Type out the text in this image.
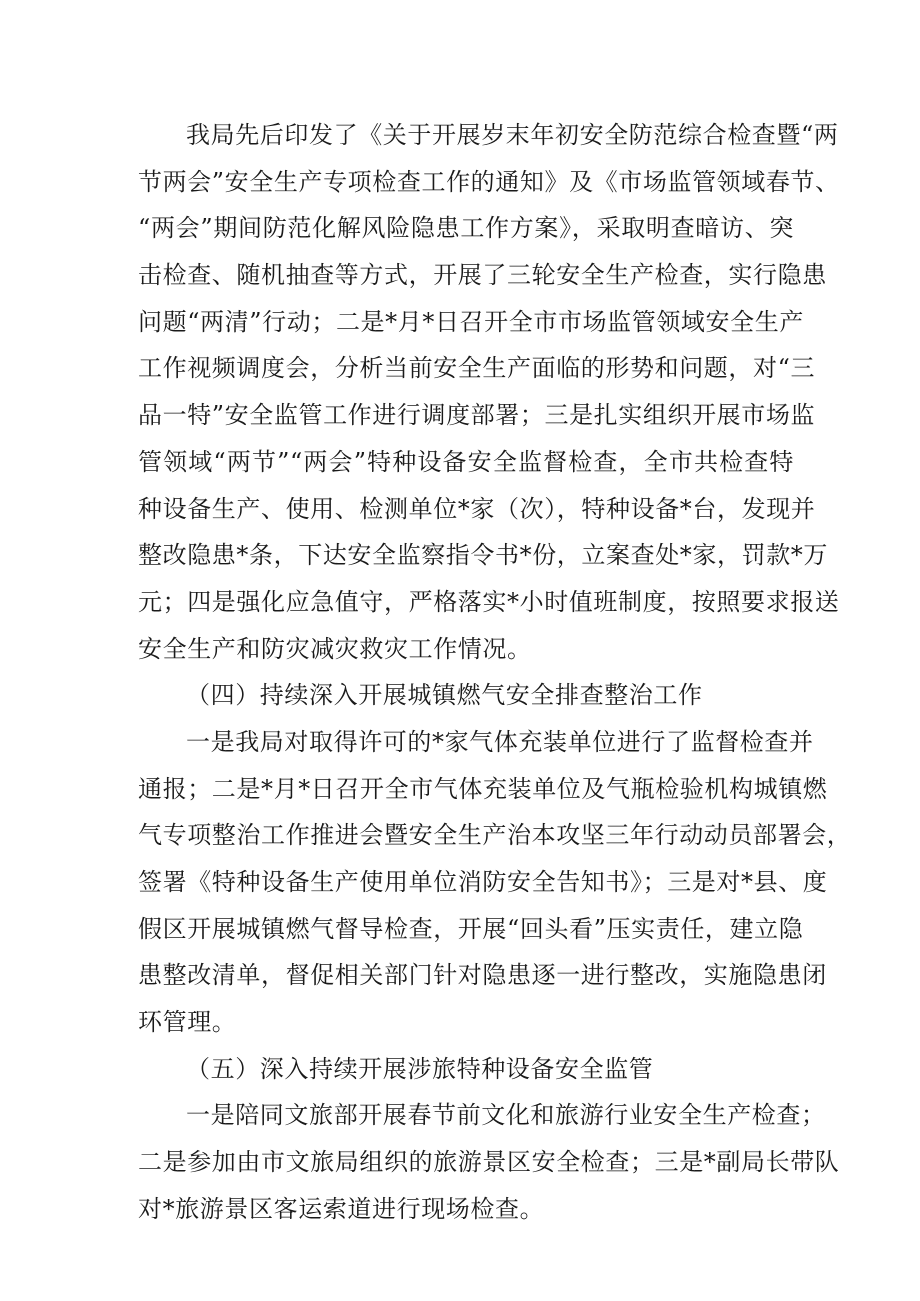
我局先后印发了《关于开展岁末年初安全防范综合检查暨“两
节两会”安全生产专项检查工作的通知》及《市场监管领域春节、
“两会”期间防范化解风险隐患工作方案》，采取明查暗访、突
击检查、随机抽查等方式，开展了三轮安全生产检查，实行隐患
问题“两清”行动；二是*月*日召开全市市场监管领域安全生产
工作视频调度会，分析当前安全生产面临的形势和问题，对“三
品一特”安全监管工作进行调度部署；三是扎实组织开展市场监
管领域“两节”“两会”特种设备安全监督检查，全市共检查特
种设备生产、使用、检测单位*家（次），特种设备*台，发现并
整改隐患*条，下达安全监察指令书*份，立案查处*家，罚款*万
元；四是强化应急值守，严格落实*小时值班制度，按照要求报送
安全生产和防灾减灾救灾工作情况。
（四）持续深入开展城镇燃气安全排查整治工作
一是我局对取得许可的*家气体充装单位进行了监督检查并
通报；二是*月*日召开全市气体充装单位及气瓶检验机构城镇燃
气专项整治工作推进会暨安全生产治本攻坚三年行动动员部署会，
签署《特种设备生产使用单位消防安全告知书》；三是对*县、度
假区开展城镇燃气督导检查，开展“回头看”压实责任，建立隐
患整改清单，督促相关部门针对隐患逐一进行整改，实施隐患闭
环管理。
（五）深入持续开展涉旅特种设备安全监管
一是陪同文旅部开展春节前文化和旅游行业安全生产检查；
二是参加由市文旅局组织的旅游景区安全检查；三是*副局长带队
对*旅游景区客运索道进行现场检查。
